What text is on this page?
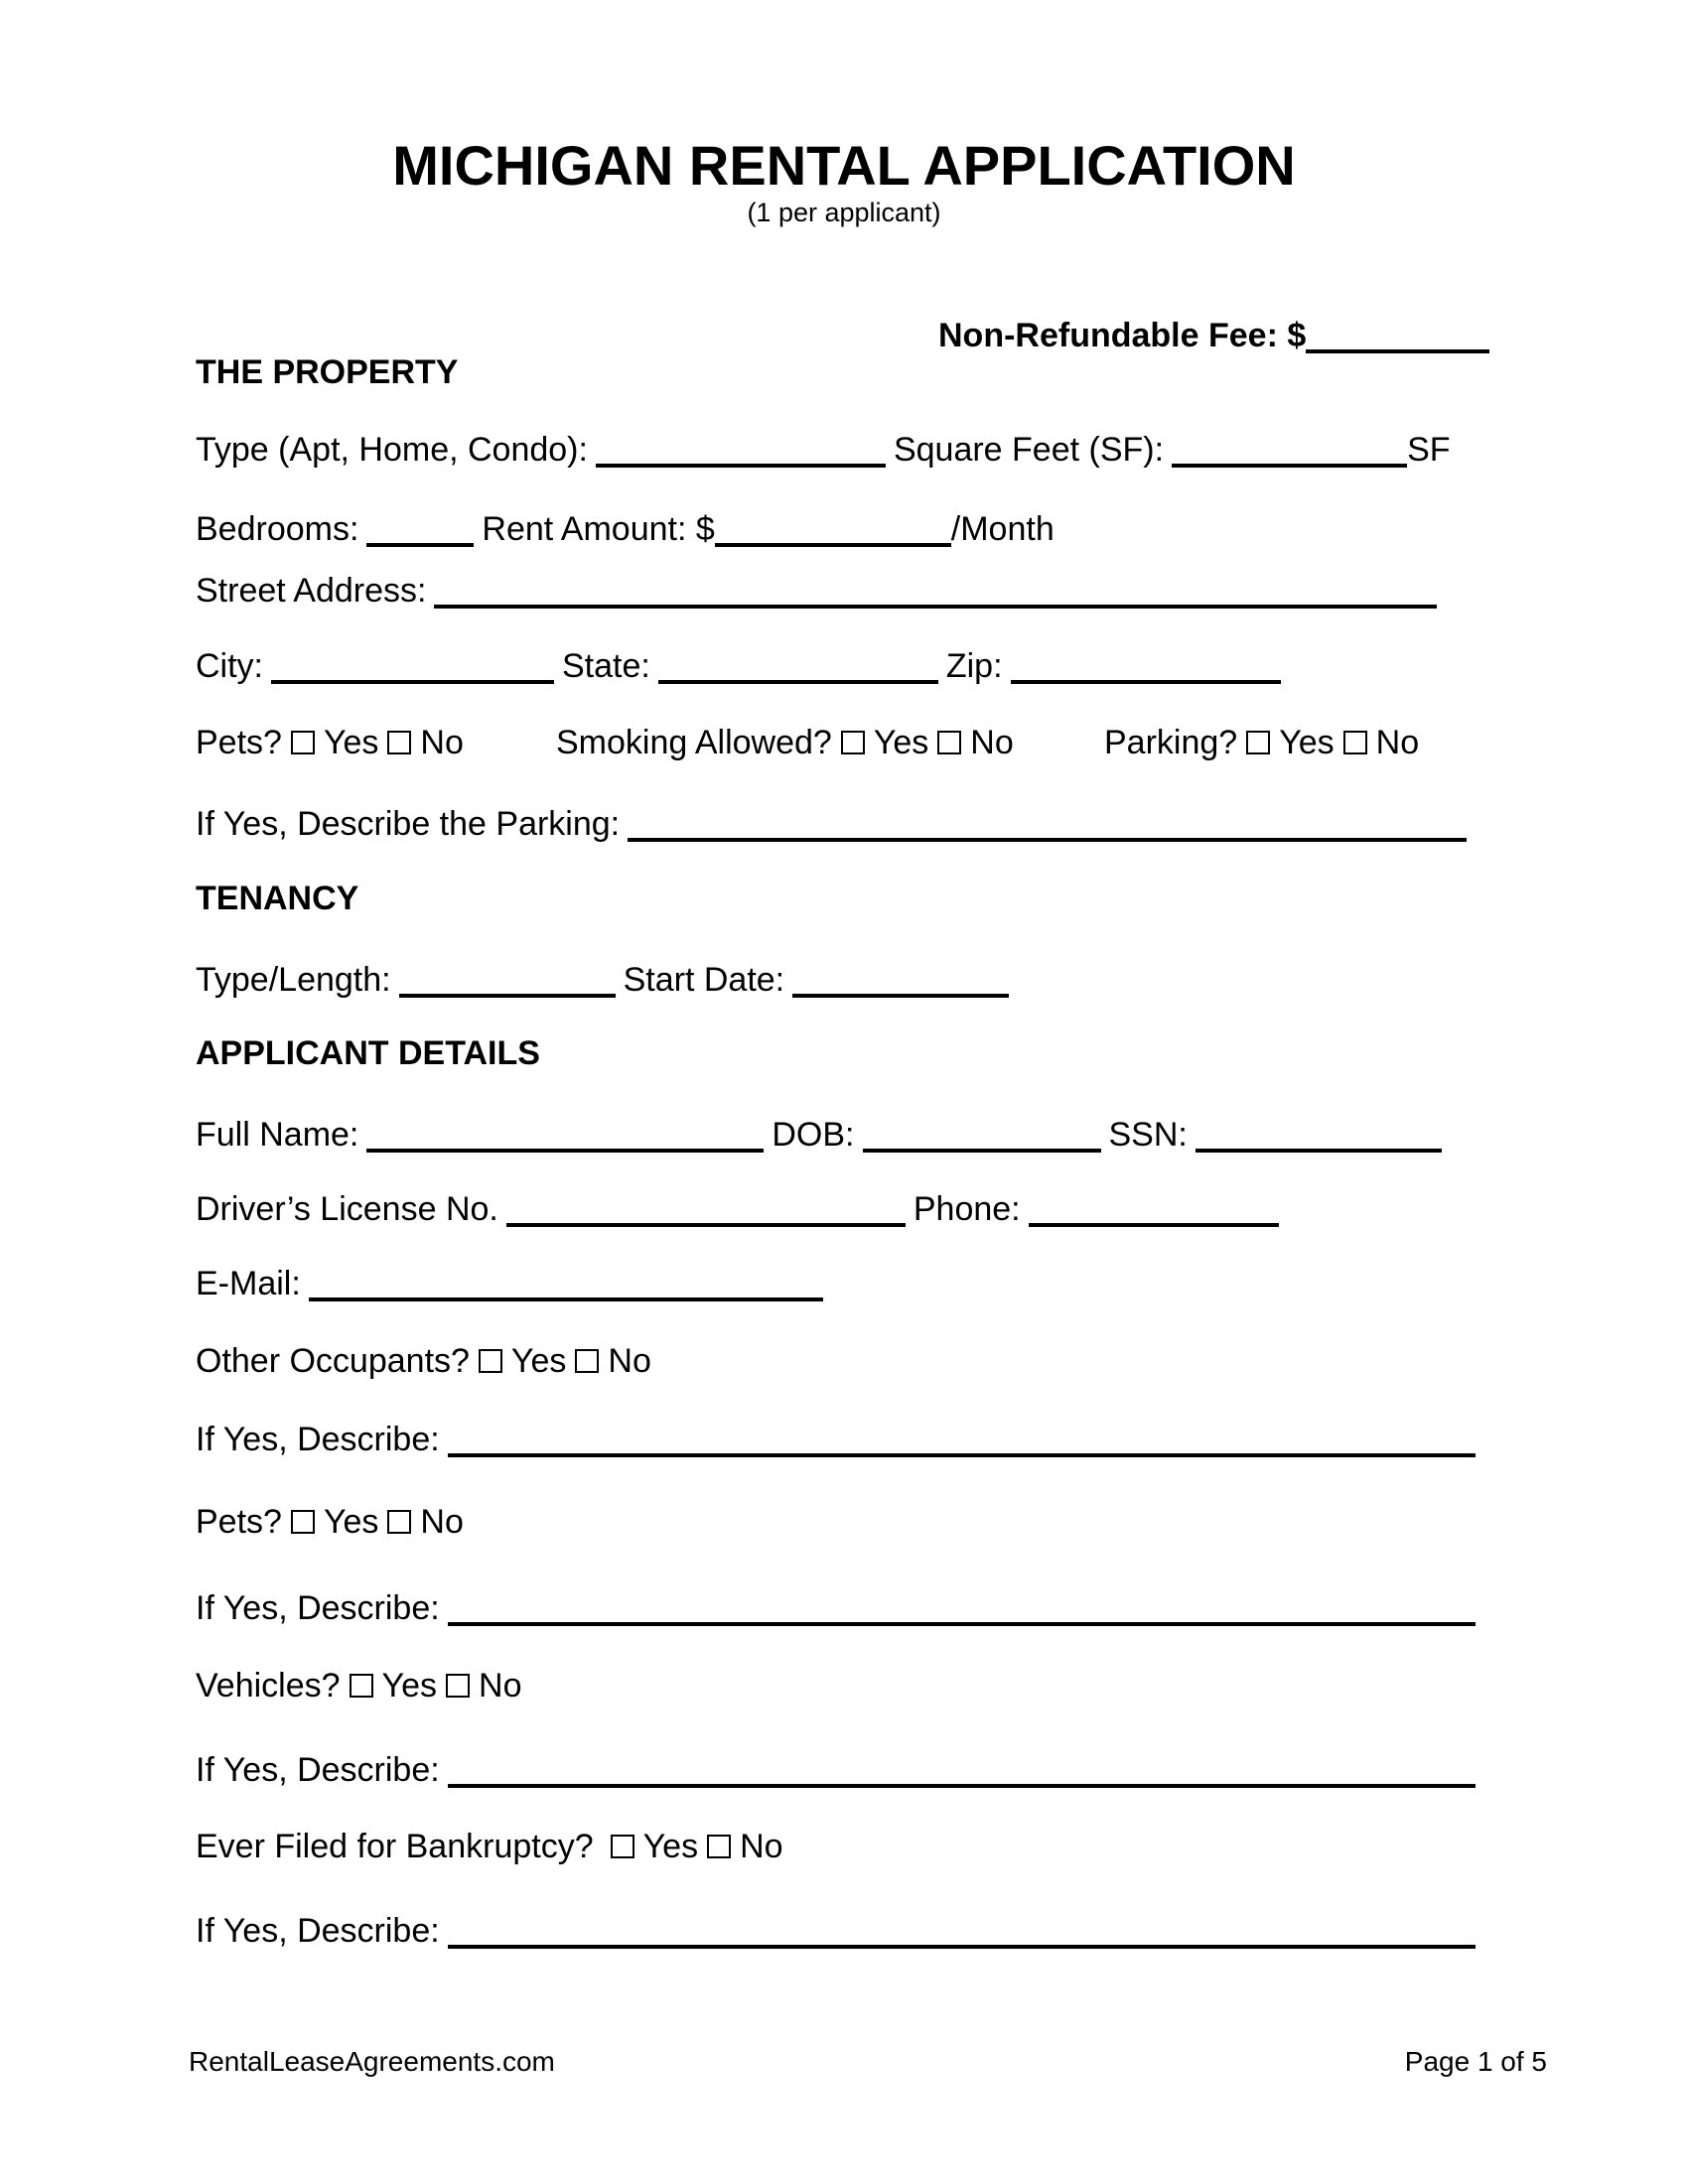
MICHIGAN RENTAL APPLICATION
(1 per applicant)
Non-Refundable Fee: $
THE PROPERTY
Type (Apt, Home, Condo):	Square Feet (SF):	SF
Bedrooms:	Rent Amount: $	/Month
Street Address:
City:	State:	Zip:
Pets? Yes No	Smoking Allowed? Yes No	Parking? Yes No
If Yes, Describe the Parking:
TENANCY
Type/Length:	Start Date:
APPLICANT DETAILS
Full Name:	DOB:	SSN:
Driver’s License No.	Phone:
E-Mail:
Other Occupants? Yes No
If Yes, Describe:
Pets? Yes No
If Yes, Describe:
Vehicles? Yes No
If Yes, Describe:
Ever Filed for Bankruptcy? Yes No
If Yes, Describe:
RentalLeaseAgreements.com	Page 1 of 5
